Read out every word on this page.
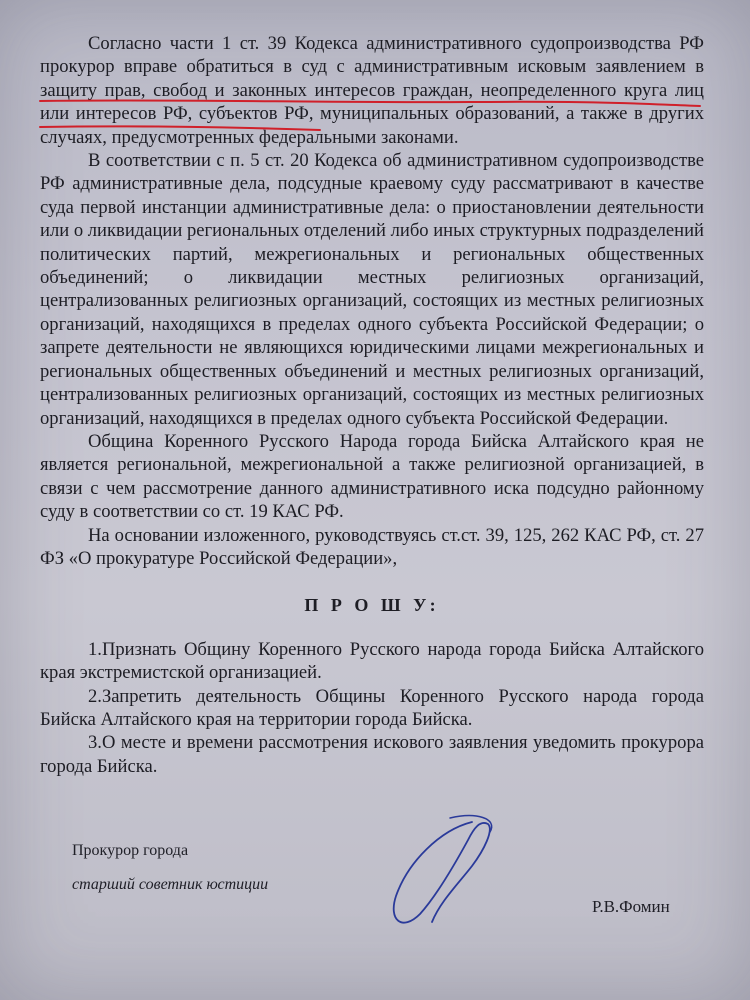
Согласно части 1 ст. 39 Кодекса административного судопроизводства РФ прокурор вправе обратиться в суд с административным исковым заявлением в защиту прав, свобод и законных интересов граждан, неопределенного круга лиц или интересов РФ, субъектов РФ, муниципальных образований, а также в других случаях, предусмотренных федеральными законами.

В соответствии с п. 5 ст. 20 Кодекса об административном судопроизводстве РФ административные дела, подсудные краевому суду рассматривают в качестве суда первой инстанции административные дела: о приостановлении деятельности или о ликвидации региональных отделений либо иных структурных подразделений политических партий, межрегиональных и региональных общественных объединений; о ликвидации местных религиозных организаций, централизованных религиозных организаций, состоящих из местных религиозных организаций, находящихся в пределах одного субъекта Российской Федерации; о запрете деятельности не являющихся юридическими лицами межрегиональных и региональных общественных объединений и местных религиозных организаций, централизованных религиозных организаций, состоящих из местных религиозных организаций, находящихся в пределах одного субъекта Российской Федерации.

Община Коренного Русского Народа города Бийска Алтайского края не является региональной, межрегиональной а также религиозной организацией, в связи с чем рассмотрение данного административного иска подсудно районному суду в соответствии со ст. 19 КАС РФ.

На основании изложенного, руководствуясь ст.ст. 39, 125, 262 КАС РФ, ст. 27 ФЗ «О прокуратуре Российской Федерации»,

П Р О Ш У:

1.Признать Общину Коренного Русского народа города Бийска Алтайского края экстремистской организацией.

2.Запретить деятельность Общины Коренного Русского народа города Бийска Алтайского края на территории города Бийска.

3.О месте и времени рассмотрения искового заявления уведомить прокурора города Бийска.

Прокурор города
старший советник юстиции
Р.В.Фомин
